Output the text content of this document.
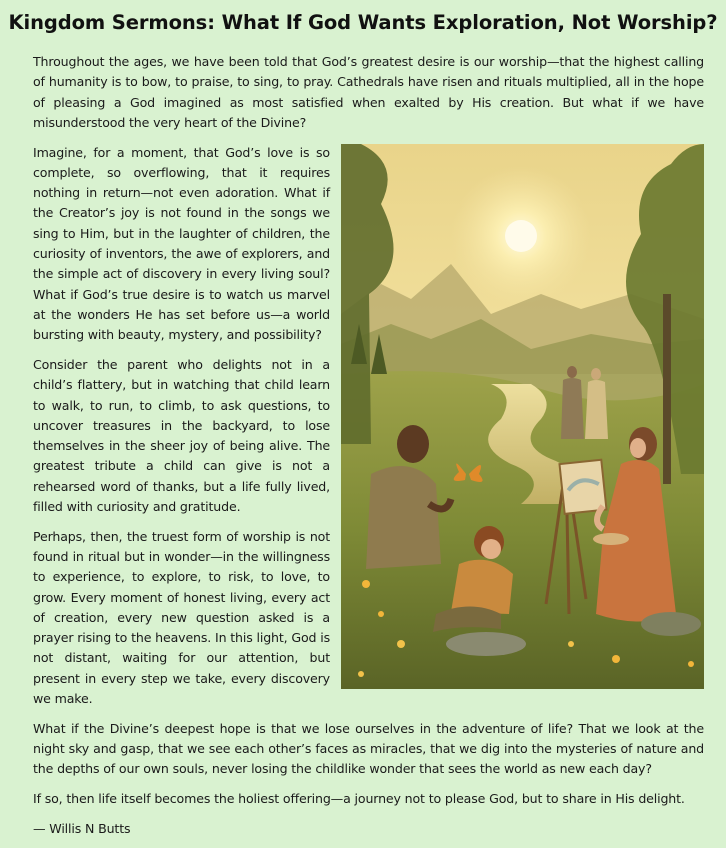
Kingdom Sermons: What If God Wants Exploration, Not Worship?

Throughout the ages, we have been told that God’s greatest desire is our worship—that the highest calling of humanity is to bow, to praise, to sing, to pray. Cathedrals have risen and rituals multiplied, all in the hope of pleasing a God imagined as most satisfied when exalted by His creation. But what if we have misunderstood the very heart of the Divine?

Imagine, for a moment, that God’s love is so complete, so overflowing, that it requires nothing in return—not even adoration. What if the Creator’s joy is not found in the songs we sing to Him, but in the laughter of children, the curiosity of inventors, the awe of explorers, and the simple act of discovery in every living soul? What if God’s true desire is to watch us marvel at the wonders He has set before us—a world bursting with beauty, mystery, and possibility?

Consider the parent who delights not in a child’s flattery, but in watching that child learn to walk, to run, to climb, to ask questions, to uncover treasures in the backyard, to lose themselves in the sheer joy of being alive. The greatest tribute a child can give is not a rehearsed word of thanks, but a life fully lived, filled with curiosity and gratitude.

Perhaps, then, the truest form of worship is not found in ritual but in wonder—in the willingness to experience, to explore, to risk, to love, to grow. Every moment of honest living, every act of creation, every new question asked is a prayer rising to the heavens. In this light, God is not distant, waiting for our attention, but present in every step we take, every discovery we make.

What if the Divine’s deepest hope is that we lose ourselves in the adventure of life? That we look at the night sky and gasp, that we see each other’s faces as miracles, that we dig into the mysteries of nature and the depths of our own souls, never losing the childlike wonder that sees the world as new each day?

If so, then life itself becomes the holiest offering—a journey not to please God, but to share in His delight.

— Willis N Butts
